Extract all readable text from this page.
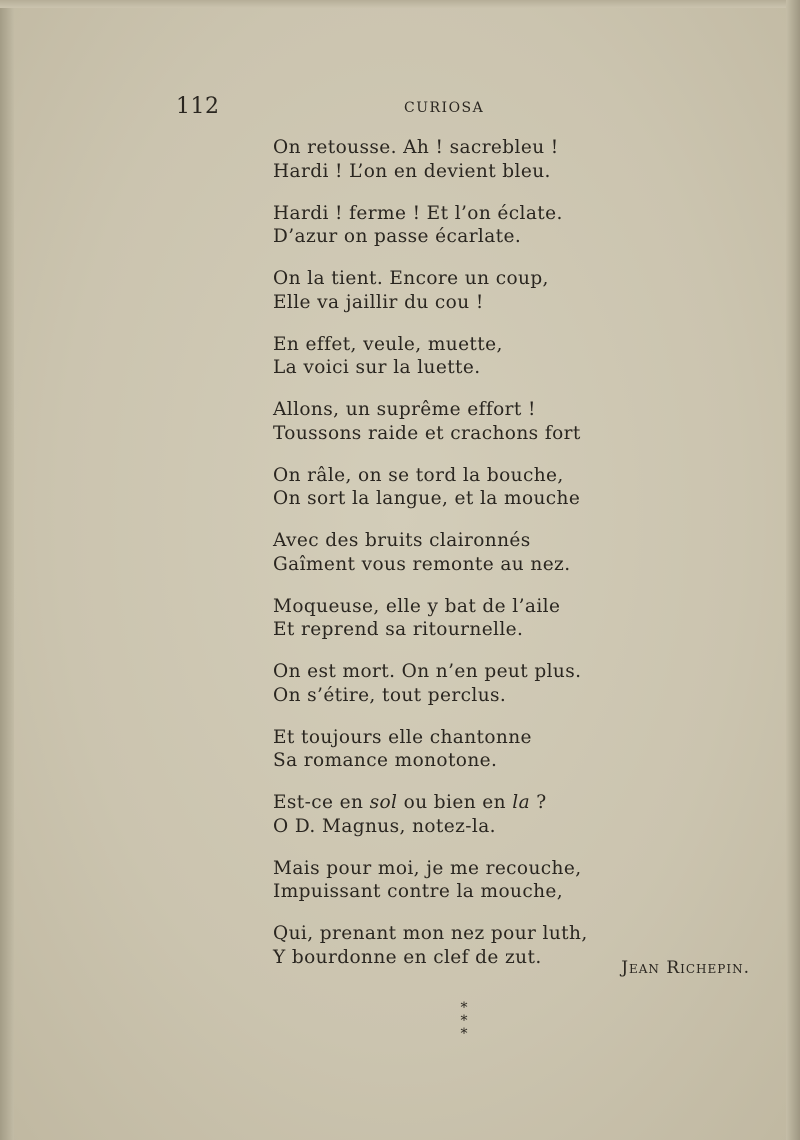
112	CURIOSA
On retousse. Ah ! sacrebleu !
Hardi ! L’on en devient bleu.
Hardi ! ferme ! Et l’on éclate.
D’azur on passe écarlate.
On la tient. Encore un coup,
Elle va jaillir du cou !
En effet, veule, muette,
La voici sur la luette.
Allons, un suprême effort !
Toussons raide et crachons fort
On râle, on se tord la bouche,
On sort la langue, et la mouche
Avec des bruits claironnés
Gaîment vous remonte au nez.
Moqueuse, elle y bat de l’aile
Et reprend sa ritournelle.
On est mort. On n’en peut plus.
On s’étire, tout perclus.
Et toujours elle chantonne
Sa romance monotone.
Est-ce en sol ou bien en la ?
O D. Magnus, notez-la.
Mais pour moi, je me recouche,
Impuissant contre la mouche,
Qui, prenant mon nez pour luth,
Y bourdonne en clef de zut.
Jean Richepin.
*
* *
